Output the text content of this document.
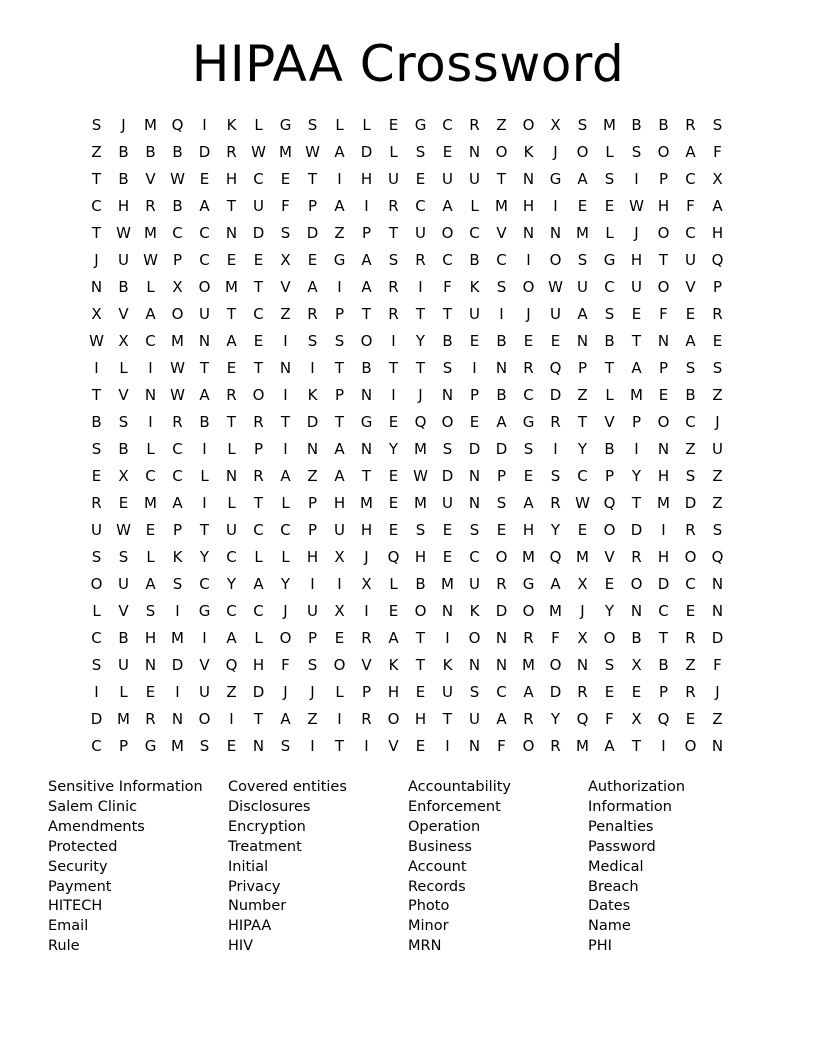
HIPAA Crossword
S	J	M Q	I	K	L	G	S	L	L	E	G	C	R	Z	O	X	S	M	B	B	R	S
Z	B	B	B	D	R W M W A	D	L	S	E	N	O	K	J	O	L	S	O	A	F
T	B	V W E	H	C	E	T	I	H	U	E	U	U	T	N	G	A	S	I	P	C	X
C	H	R	B	A	T	U	F	P	A	I	R	C	A	L	M H	I	E	E W H	F	A
T	W M	C	C	N	D	S	D	Z	P	T	U	O	C	V	N	N M	L	J	O	C	H
J	U W	P	C	E	E	X	E	G	A	S	R	C	B	C	I	O	S	G	H	T	U	Q
N	B	L	X	O M	T	V	A	I	A	R	I	F	K	S	O W U	C	U	O	V	P
X	V	A	O	U	T	C	Z	R	P	T	R	T	T	U	I	J	U	A	S	E	F	E	R
W X	C	M N	A	E	I	S	S	O	I	Y	B	E	B	E	E	N	B	T	N	A	E
I	L	I	W T	E	T	N	I	T	B	T	T	S	I	N	R	Q	P	T	A	P	S	S
T	V	N W A	R	O	I	K	P	N	I	J	N	P	B	C	D	Z	L	M	E	B	Z
B	S	I	R	B	T	R	T	D	T	G	E	Q	O	E	A	G	R	T	V	P	O	C	J
S	B	L	C	I	L	P	I	N	A	N	Y	M	S	D	D	S	I	Y	B	I	N	Z	U
E	X	C	C	L	N	R	A	Z	A	T	E W D	N	P	E	S	C	P	Y	H	S	Z
R	E	M	A	I	L	T	L	P	H M	E	M	U	N	S	A	R W Q	T	M D	Z
U W E	P	T	U	C	C	P	U	H	E	S	E	S	E	H	Y	E	O	D	I	R	S
S	S	L	K	Y	C	L	L	H	X	J	Q	H	E	C	O M Q M	V	R	H	O	Q
O	U	A	S	C	Y	A	Y	I	I	X	L	B	M	U	R	G	A	X	E	O	D	C	N
L	V	S	I	G	C	C	J	U	X	I	E	O	N	K	D	O M	J	Y	N	C	E	N
C	B	H M	I	A	L	O	P	E	R	A	T	I	O	N	R	F	X	O	B	T	R	D
S	U	N	D	V	Q	H	F	S	O	V	K	T	K	N	N M O	N	S	X	B	Z	F
I	L	E	I	U	Z	D	J	J	L	P	H	E	U	S	C	A	D	R	E	E	P	R	J
D M	R	N	O	I	T	A	Z	I	R	O	H	T	U	A	R	Y	Q	F	X	Q	E	Z
C	P	G M	S	E	N	S	I	T	I	V	E	I	N	F	O	R	M	A	T	I	O	N
Sensitive Information
Salem Clinic
Amendments
Protected
Security
Payment
HITECH
Email
Rule
Covered entities
Disclosures
Encryption
Treatment
Initial
Privacy
Number
HIPAA
HIV
Accountability
Enforcement
Operation
Business
Account
Records
Photo
Minor
MRN
Authorization
Information
Penalties
Password
Medical
Breach
Dates
Name
PHI
